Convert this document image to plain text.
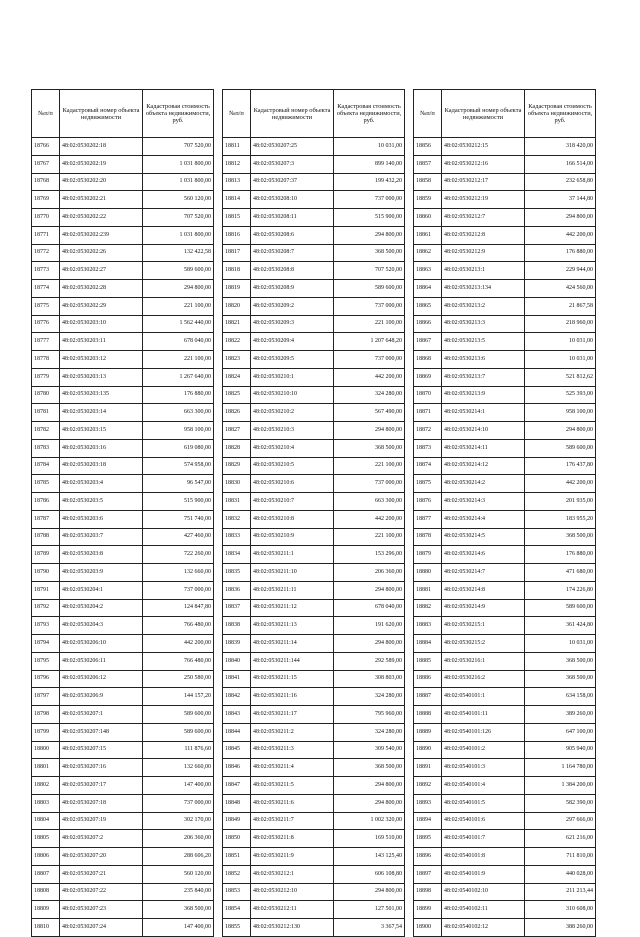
№п/п	Кадастровый номер объекта недвижимости	Кадастровая стоимость объекта недвижимости, руб.
18766	48:02:0530202:18	707 520,00
18767	48:02:0530202:19	1 031 800,00
18768	48:02:0530202:20	1 031 800,00
18769	48:02:0530202:21	560 120,00
18770	48:02:0530202:22	707 520,00
18771	48:02:0530202:239	1 031 800,00
18772	48:02:0530202:26	132 422,58
18773	48:02:0530202:27	589 600,00
18774	48:02:0530202:28	294 800,00
18775	48:02:0530202:29	221 100,00
18776	48:02:0530203:10	1 562 440,00
18777	48:02:0530203:11	678 040,00
18778	48:02:0530203:12	221 100,00
18779	48:02:0530203:13	1 267 640,00
18780	48:02:0530203:135	176 880,00
18781	48:02:0530203:14	663 300,00
18782	48:02:0530203:15	958 100,00
18783	48:02:0530203:16	619 080,00
18784	48:02:0530203:18	574 958,00
18785	48:02:0530203:4	96 547,00
18786	48:02:0530203:5	515 900,00
18787	48:02:0530203:6	751 740,00
18788	48:02:0530203:7	427 460,00
18789	48:02:0530203:8	722 260,00
18790	48:02:0530203:9	132 660,00
18791	48:02:0530204:1	737 000,00
18792	48:02:0530204:2	124 847,80
18793	48:02:0530204:3	766 480,00
18794	48:02:0530206:10	442 200,00
18795	48:02:0530206:11	766 480,00
18796	48:02:0530206:12	250 580,00
18797	48:02:0530206:9	144 157,20
18798	48:02:0530207:1	589 600,00
18799	48:02:0530207:148	589 600,00
18800	48:02:0530207:15	111 876,60
18801	48:02:0530207:16	132 660,00
18802	48:02:0530207:17	147 400,00
18803	48:02:0530207:18	737 000,00
18804	48:02:0530207:19	302 170,00
18805	48:02:0530207:2	206 360,00
18806	48:02:0530207:20	288 606,20
18807	48:02:0530207:21	560 120,00
18808	48:02:0530207:22	235 840,00
18809	48:02:0530207:23	368 500,00
18810	48:02:0530207:24	147 400,00
№п/п	Кадастровый номер объекта недвижимости	Кадастровая стоимость объекта недвижимости, руб.
18811	48:02:0530207:25	10 031,00
18812	48:02:0530207:3	899 140,00
18813	48:02:0530207:37	199 432,20
18814	48:02:0530208:10	737 000,00
18815	48:02:0530208:11	515 900,00
18816	48:02:0530208:6	294 800,00
18817	48:02:0530208:7	368 500,00
18818	48:02:0530208:8	707 520,00
18819	48:02:0530208:9	589 600,00
18820	48:02:0530209:2	737 000,00
18821	48:02:0530209:3	221 100,00
18822	48:02:0530209:4	1 207 648,20
18823	48:02:0530209:5	737 000,00
18824	48:02:0530210:1	442 200,00
18825	48:02:0530210:10	324 280,00
18826	48:02:0530210:2	567 490,00
18827	48:02:0530210:3	294 800,00
18828	48:02:0530210:4	368 500,00
18829	48:02:0530210:5	221 100,00
18830	48:02:0530210:6	737 000,00
18831	48:02:0530210:7	663 300,00
18832	48:02:0530210:8	442 200,00
18833	48:02:0530210:9	221 100,00
18834	48:02:0530211:1	153 296,00
18835	48:02:0530211:10	206 360,00
18836	48:02:0530211:11	294 800,00
18837	48:02:0530211:12	678 040,00
18838	48:02:0530211:13	191 620,00
18839	48:02:0530211:14	294 800,00
18840	48:02:0530211:144	292 589,00
18841	48:02:0530211:15	308 803,00
18842	48:02:0530211:16	324 280,00
18843	48:02:0530211:17	795 960,00
18844	48:02:0530211:2	324 280,00
18845	48:02:0530211:3	309 540,00
18846	48:02:0530211:4	368 500,00
18847	48:02:0530211:5	294 800,00
18848	48:02:0530211:6	294 800,00
18849	48:02:0530211:7	1 002 320,00
18850	48:02:0530211:8	169 510,00
18851	48:02:0530211:9	143 125,40
18852	48:02:0530212:1	606 108,80
18853	48:02:0530212:10	294 800,00
18854	48:02:0530212:11	127 501,00
18855	48:02:0530212:130	3 367,54
№п/п	Кадастровый номер объекта недвижимости	Кадастровая стоимость объекта недвижимости, руб.
18856	48:02:0530212:15	318 420,00
18857	48:02:0530212:16	166 514,00
18858	48:02:0530212:17	232 658,80
18859	48:02:0530212:19	37 144,80
18860	48:02:0530212:7	294 800,00
18861	48:02:0530212:8	442 200,00
18862	48:02:0530212:9	176 880,00
18863	48:02:0530213:1	229 944,00
18864	48:02:0530213:134	424 560,00
18865	48:02:0530213:2	21 867,58
18866	48:02:0530213:3	218 960,00
18867	48:02:0530213:5	10 031,00
18868	48:02:0530213:6	10 031,00
18869	48:02:0530213:7	521 812,62
18870	48:02:0530213:9	525 393,00
18871	48:02:0530214:1	958 100,00
18872	48:02:0530214:10	294 800,00
18873	48:02:0530214:11	589 600,00
18874	48:02:0530214:12	176 437,80
18875	48:02:0530214:2	442 200,00
18876	48:02:0530214:3	201 935,00
18877	48:02:0530214:4	183 955,20
18878	48:02:0530214:5	368 500,00
18879	48:02:0530214:6	176 880,00
18880	48:02:0530214:7	471 680,00
18881	48:02:0530214:8	174 226,80
18882	48:02:0530214:9	589 600,00
18883	48:02:0530215:1	361 424,80
18884	48:02:0530215:2	10 031,00
18885	48:02:0530216:1	368 500,00
18886	48:02:0530216:2	368 500,00
18887	48:02:0540101:1	634 158,00
18888	48:02:0540101:11	389 260,00
18889	48:02:0540101:126	647 100,00
18890	48:02:0540101:2	905 940,00
18891	48:02:0540101:3	1 164 780,00
18892	48:02:0540101:4	1 384 200,00
18893	48:02:0540101:5	582 390,00
18894	48:02:0540101:6	297 666,00
18895	48:02:0540101:7	621 216,00
18896	48:02:0540101:8	711 810,00
18897	48:02:0540101:9	440 028,00
18898	48:02:0540102:10	211 213,44
18899	48:02:0540102:11	310 608,00
18900	48:02:0540102:12	388 260,00
